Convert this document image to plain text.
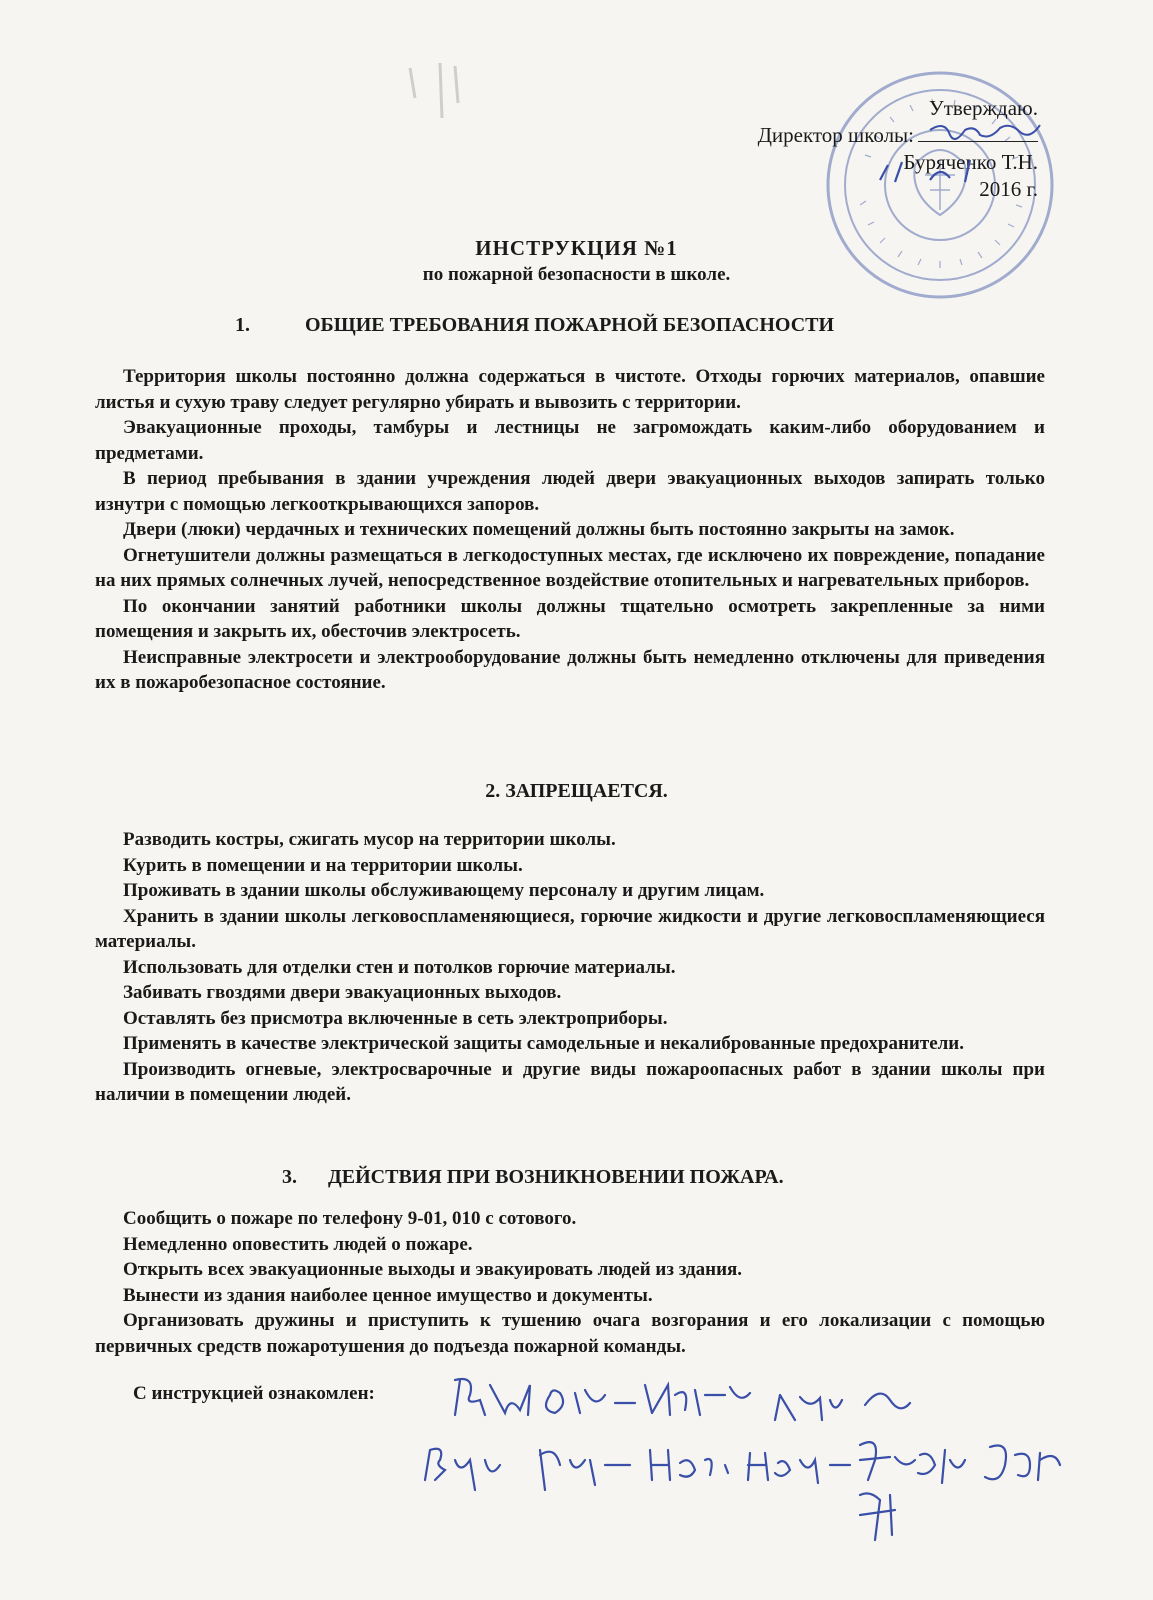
Утверждаю.
Директор школы:
Буряченко Т.Н.
2016 г.
ИНСТРУКЦИЯ №1
по пожарной безопасности в школе.
1.	ОБЩИЕ ТРЕБОВАНИЯ ПОЖАРНОЙ БЕЗОПАСНОСТИ

Территория школы постоянно должна содержаться в чистоте. Отходы горючих материалов, опавшие листья и сухую траву следует регулярно убирать и вывозить с территории.

Эвакуационные проходы, тамбуры и лестницы не загромождать каким-либо оборудованием и предметами.

В период пребывания в здании учреждения людей двери эвакуационных выходов запирать только изнутри с помощью легкооткрывающихся запоров.

Двери (люки) чердачных и технических помещений должны быть постоянно закрыты на замок.

Огнетушители должны размещаться в легкодоступных местах, где исключено их повреждение, попадание на них прямых солнечных лучей, непосредственное воздействие отопительных и нагревательных приборов.

По окончании занятий работники школы должны тщательно осмотреть закрепленные за ними помещения и закрыть их, обесточив электросеть.

Неисправные электросети и электрооборудование должны быть немедленно отключены для приведения их в пожаробезопасное состояние.

2. ЗАПРЕЩАЕТСЯ.

Разводить костры, сжигать мусор на территории школы.

Курить в помещении и на территории школы.

Проживать в здании школы обслуживающему персоналу и другим лицам.

Хранить в здании школы легковоспламеняющиеся, горючие жидкости и другие легковоспламеняющиеся материалы.

Использовать для отделки стен и потолков горючие материалы.

Забивать гвоздями двери эвакуационных выходов.

Оставлять без присмотра включенные в сеть электроприборы.

Применять в качестве электрической защиты самодельные и некалиброванные предохранители.

Производить огневые, электросварочные и другие виды пожароопасных работ в здании школы при наличии в помещении людей.

3. ДЕЙСТВИЯ ПРИ ВОЗНИКНОВЕНИИ ПОЖАРА.

Сообщить о пожаре по телефону 9-01, 010 с сотового.

Немедленно оповестить людей о пожаре.

Открыть всех эвакуационные выходы и эвакуировать людей из здания.

Вынести из здания наиболее ценное имущество и документы.

Организовать дружины и приступить к тушению очага возгорания и его локализации с помощью первичных средств пожаротушения до подъезда пожарной команды.

С инструкцией ознакомлен:
